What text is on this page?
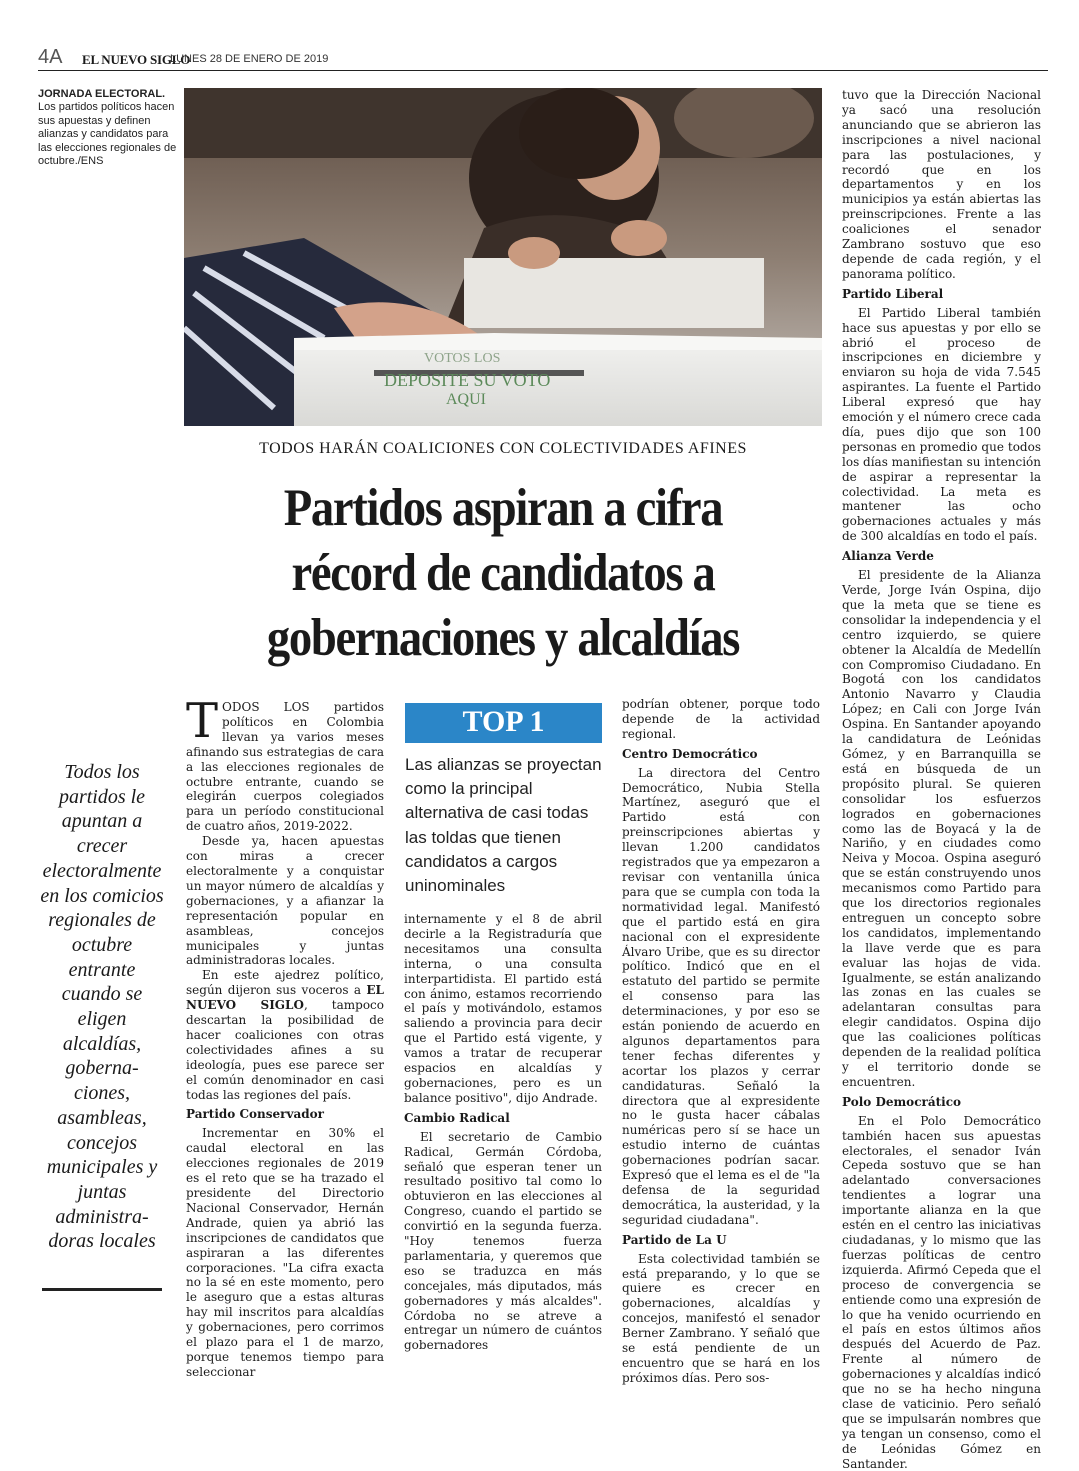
4A EL NUEVO SIGLO
LUNES 28 DE ENERO DE 2019
JORNADA ELECTORAL.
Los partidos políticos hacen sus apuestas y definen alianzas y candidatos para las elecciones regionales de octubre./ENS
VOTOS LOS
DEPOSITE SU VOTO
AQUI
TODOS HARÁN COALICIONES CON COLECTIVIDADES AFINES
Partidos aspiran a cifra
récord de candidatos a
gobernaciones y alcaldías
Todos los partidos le apuntan a crecer electoralmente en los comicios regionales de octubre entrante cuando se eligen alcaldías, goberna-ciones, asambleas, concejos municipales y juntas administra-doras locales

TODOS LOS partidos políticos en Colombia llevan ya varios meses afinando sus estrategias de cara a las elecciones regionales de octubre entrante, cuando se elegirán cuerpos colegiados para un período constitucional de cuatro años, 2019-2022.

Desde ya, hacen apuestas con miras a crecer electoralmente y a conquistar un mayor número de alcaldías y gobernaciones, y a afianzar la representación popular en asambleas, concejos municipales y juntas administradoras locales.

En este ajedrez político, según dijeron sus voceros a EL NUEVO SIGLO, tampoco descartan la posibilidad de hacer coaliciones con otras colectividades afines a su ideología, pues ese parece ser el común denominador en casi todas las regiones del país.

Partido Conservador

Incrementar en 30% el caudal electoral en las elecciones regionales de 2019 es el reto que se ha trazado el presidente del Directorio Nacional Conservador, Hernán Andrade, quien ya abrió las inscripciones de candidatos que aspiraran a las diferentes corporaciones. "La cifra exacta no la sé en este momento, pero le aseguro que a estas alturas hay mil inscritos para alcaldías y gobernaciones, pero corrimos el plazo para el 1 de marzo, porque tenemos tiempo para seleccionar

TOP 1
Las alianzas se proyectan como la principal alternativa de casi todas las toldas que tienen candidatos a cargos uninominales

internamente y el 8 de abril decirle a la Registraduría que necesitamos una consulta interna, o una consulta interpartidista. El partido está con ánimo, estamos recorriendo el país y motivándolo, estamos saliendo a provincia para decir que el Partido está vigente, y vamos a tratar de recuperar espacios en alcaldías y gobernaciones, pero es un balance positivo", dijo Andrade.

Cambio Radical

El secretario de Cambio Radical, Germán Córdoba, señaló que esperan tener un resultado positivo tal como lo obtuvieron en las elecciones al Congreso, cuando el partido se convirtió en la segunda fuerza. "Hoy tenemos fuerza parlamentaria, y queremos que eso se traduzca en más concejales, más diputados, más gobernadores y más alcaldes". Córdoba no se atreve a entregar un número de cuántos gobernadores

podrían obtener, porque todo depende de la actividad regional.

Centro Democrático

La directora del Centro Democrático, Nubia Stella Martínez, aseguró que el Partido está con preinscripciones abiertas y llevan 1.200 candidatos registrados que ya empezaron a revisar con ventanilla única para que se cumpla con toda la normatividad legal. Manifestó que el partido está en gira nacional con el expresidente Álvaro Uribe, que es su director político. Indicó que en el estatuto del partido se permite el consenso para las determinaciones, y por eso se están poniendo de acuerdo en algunos departamentos para tener fechas diferentes y acortar los plazos y cerrar candidaturas. Señaló la directora que al expresidente no le gusta hacer cábalas numéricas pero sí se hace un estudio interno de cuántas gobernaciones podrían sacar. Expresó que el lema es el de "la defensa de la seguridad democrática, la austeridad, y la seguridad ciudadana".

Partido de La U

Esta colectividad también se está preparando, y lo que se quiere es crecer en gobernaciones, alcaldías y concejos, manifestó el senador Berner Zambrano. Y señaló que se está pendiente de un encuentro que se hará en los próximos días. Pero sos-

tuvo que la Dirección Nacional ya sacó una resolución anunciando que se abrieron las inscripciones a nivel nacional para las postulaciones, y recordó que en los departamentos y en los municipios ya están abiertas las preinscripciones. Frente a las coaliciones el senador Zambrano sostuvo que eso depende de cada región, y el panorama político.

Partido Liberal

El Partido Liberal también hace sus apuestas y por ello se abrió el proceso de inscripciones en diciembre y enviaron su hoja de vida 7.545 aspirantes. La fuente el Partido Liberal expresó que hay emoción y el número crece cada día, pues dijo que son 100 personas en promedio que todos los días manifiestan su intención de aspirar a representar la colectividad. La meta es mantener las ocho gobernaciones actuales y más de 300 alcaldías en todo el país.

Alianza Verde

El presidente de la Alianza Verde, Jorge Iván Ospina, dijo que la meta que se tiene es consolidar la independencia y el centro izquierdo, se quiere obtener la Alcaldía de Medellín con Compromiso Ciudadano. En Bogotá con los candidatos Antonio Navarro y Claudia López; en Cali con Jorge Iván Ospina. En Santander apoyando la candidatura de Leónidas Gómez, y en Barranquilla se está en búsqueda de un propósito plural. Se quieren consolidar los esfuerzos logrados en gobernaciones como las de Boyacá y la de Nariño, y en ciudades como Neiva y Mocoa. Ospina aseguró que se están construyendo unos mecanismos como Partido para que los directorios regionales entreguen un concepto sobre los candidatos, implementando la llave verde que es para evaluar las hojas de vida. Igualmente, se están analizando las zonas en las cuales se adelantaran consultas para elegir candidatos. Ospina dijo que las coaliciones políticas dependen de la realidad política y el territorio donde se encuentren.

Polo Democrático

En el Polo Democrático también hacen sus apuestas electorales, el senador Iván Cepeda sostuvo que se han adelantado conversaciones tendientes a lograr una importante alianza en la que estén en el centro las iniciativas ciudadanas, y lo mismo que las fuerzas políticas de centro izquierda. Afirmó Cepeda que el proceso de convergencia se entiende como una expresión de lo que ha venido ocurriendo en el país en estos últimos años después del Acuerdo de Paz. Frente al número de gobernaciones y alcaldías indicó que no se ha hecho ninguna clase de vaticinio. Pero señaló que se impulsarán nombres que ya tengan un consenso, como el de Leónidas Gómez en Santander.
